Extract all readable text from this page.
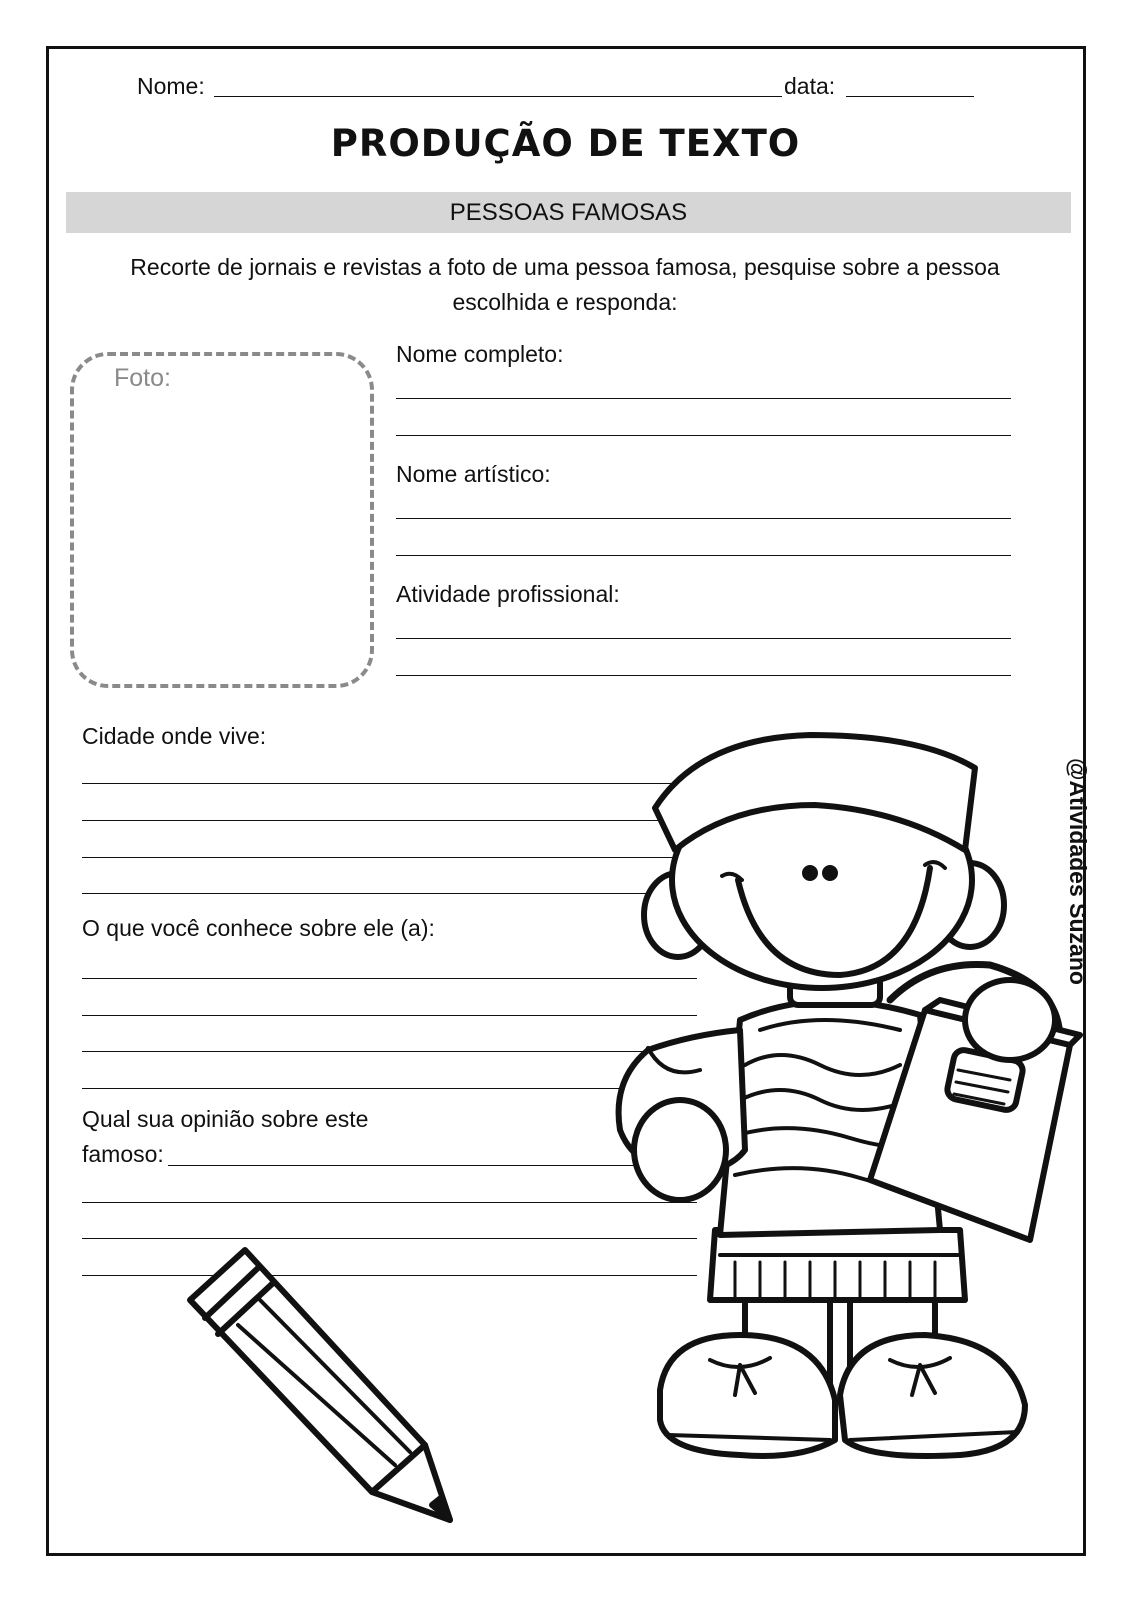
Nome:	data:
PRODUÇÃO DE TEXTO
PESSOAS FAMOSAS
Recorte de jornais e revistas a foto de uma pessoa famosa, pesquise sobre a pessoa escolhida e responda:
Foto:
Nome completo:
Nome artístico:
Atividade profissional:
Cidade onde vive:
O que você conhece sobre ele (a):
Qual sua opinião sobre este
famoso:
@Atividades Suzano
